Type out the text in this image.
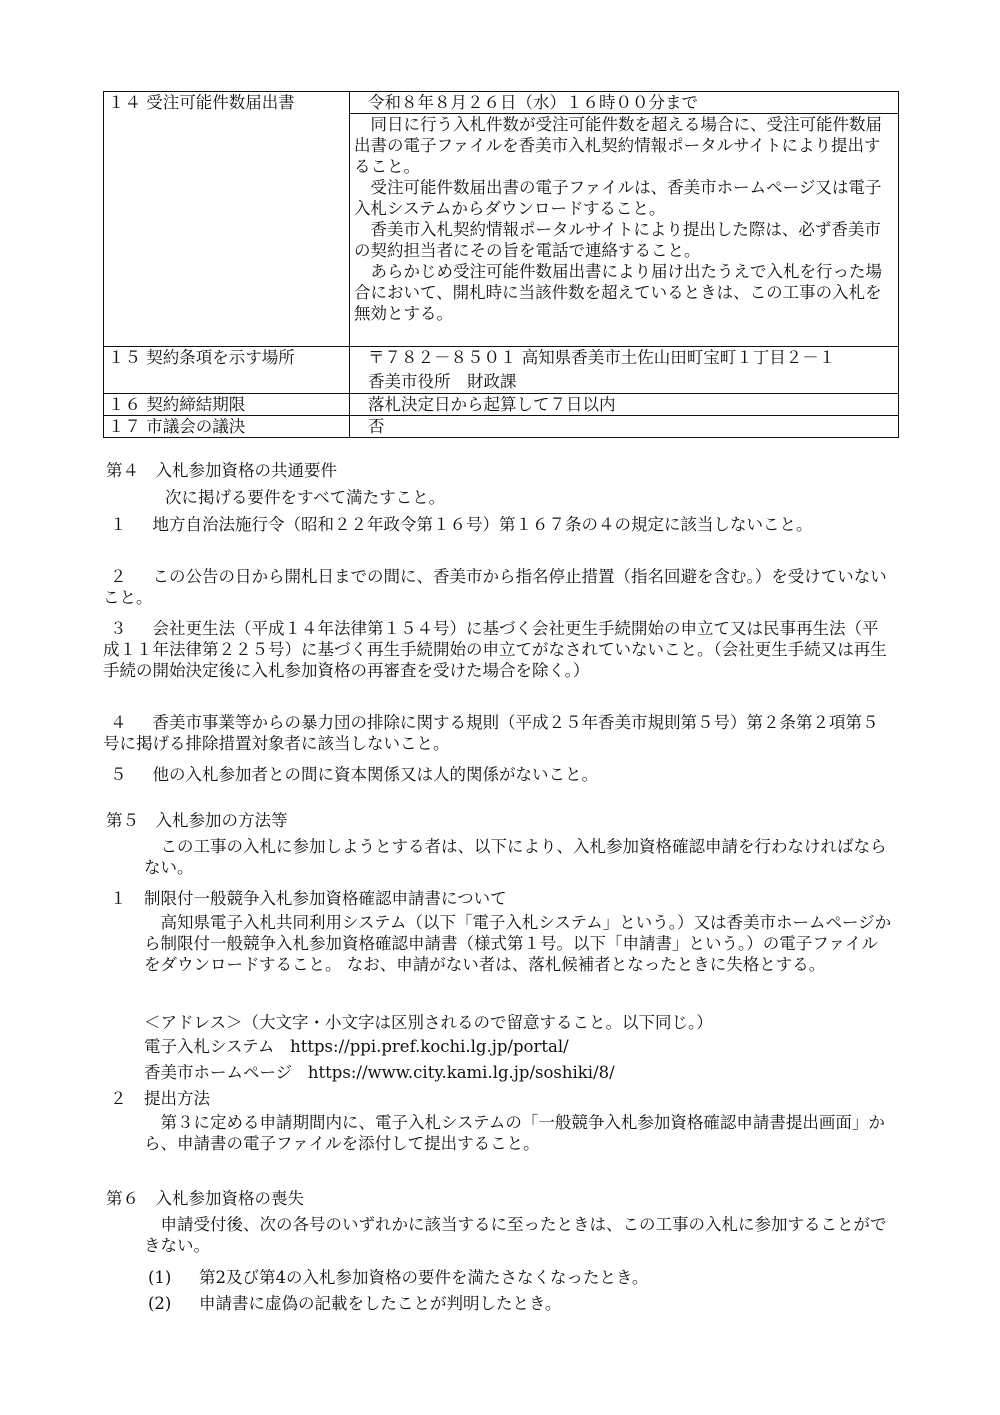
１４ 受注可能件数届出書	令和８年８月２６日（水）１６時００分まで

	同日に行う入札件数が受注可能件数を超える場合に、受注可能件数届出書の電子ファイルを香美市入札契約情報ポータルサイトにより提出すること。

受注可能件数届出書の電子ファイルは、香美市ホームページ又は電子入札システムからダウンロードすること。

香美市入札契約情報ポータルサイトにより提出した際は、必ず香美市の契約担当者にその旨を電話で連絡すること。

あらかじめ受注可能件数届出書により届け出たうえで入札を行った場合において、開札時に当該件数を超えているときは、この工事の入札を無効とする。

１５ 契約条項を示す場所	〒７８２－８５０１ 高知県香美市土佐山田町宝町１丁目２－１
香美市役所　財政課

１６ 契約締結期限	落札決定日から起算して７日以内
１７ 市議会の議決	否
第４　入札参加資格の共通要件
次に掲げる要件をすべて満たすこと。
１	地方自治法施行令（昭和２２年政令第１６号）第１６７条の４の規定に該当しないこと。

２	この公告の日から開札日までの間に、香美市から指名停止措置（指名回避を含む。）を受けていないこと。

３	会社更生法（平成１４年法律第１５４号）に基づく会社更生手続開始の申立て又は民事再生法（平成１１年法律第２２５号）に基づく再生手続開始の申立てがなされていないこと。（会社更生手続又は再生手続の開始決定後に入札参加資格の再審査を受けた場合を除く。）

４	香美市事業等からの暴力団の排除に関する規則（平成２５年香美市規則第５号）第２条第２項第５号に掲げる排除措置対象者に該当しないこと。

５	他の入札参加者との間に資本関係又は人的関係がないこと。

第５　入札参加の方法等

この工事の入札に参加しようとする者は、以下により、入札参加資格確認申請を行わなければならない。

１ 制限付一般競争入札参加資格確認申請書について

高知県電子入札共同利用システム（以下「電子入札システム」という。）又は香美市ホームページから制限付一般競争入札参加資格確認申請書（様式第１号。以下「申請書」という。）の電子ファイルをダウンロードすること。 なお、申請がない者は、落札候補者となったときに失格とする。

＜アドレス＞（大文字・小文字は区別されるので留意すること。以下同じ。）
電子入札システム https://ppi.pref.kochi.lg.jp/portal/
香美市ホームページ https://www.city.kami.lg.jp/soshiki/8/
２ 提出方法

第３に定める申請期間内に、電子入札システムの「一般競争入札参加資格確認申請書提出画面」から、申請書の電子ファイルを添付して提出すること。

第６　入札参加資格の喪失

申請受付後、次の各号のいずれかに該当するに至ったときは、この工事の入札に参加することができない。

(1) 第2及び第4の入札参加資格の要件を満たさなくなったとき。
(2) 申請書に虚偽の記載をしたことが判明したとき。
